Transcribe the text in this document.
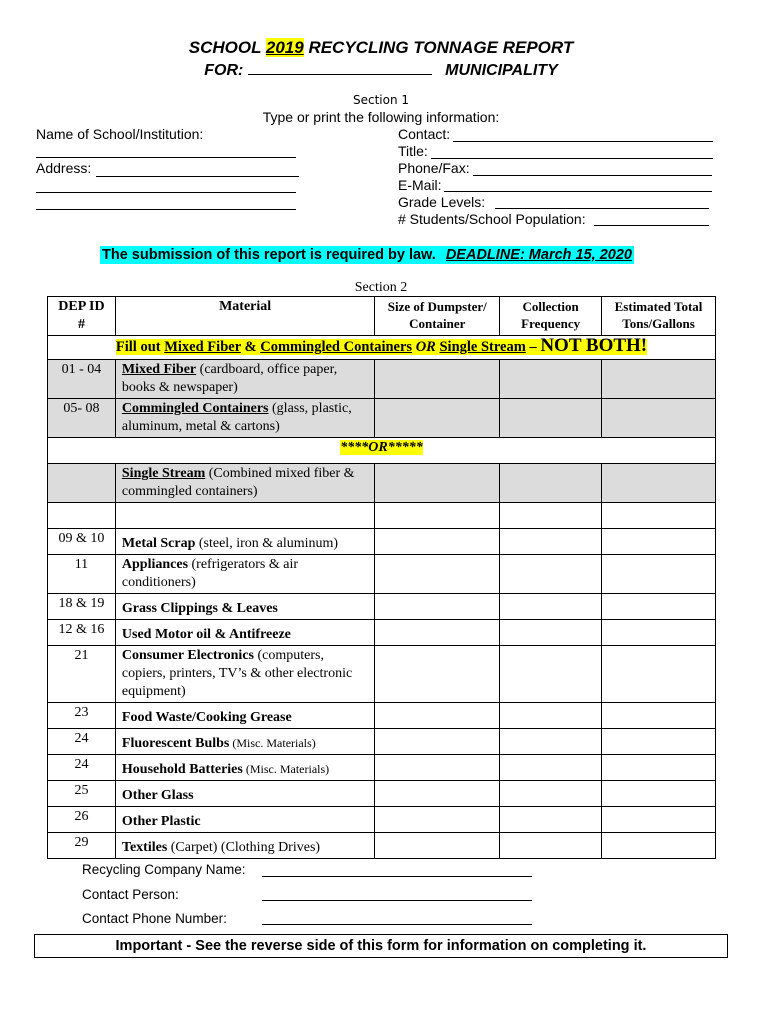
SCHOOL 2019 RECYCLING TONNAGE REPORT
FOR:	MUNICIPALITY
Section 1
Type or print the following information:
Name of School/Institution:
Address:
Contact:
Title:
Phone/Fax:
E-Mail:
Grade Levels:
# Students/School Population:
The submission of this report is required by law. DEADLINE: March 15, 2020
Section 2
DEP ID #	Material	Size of Dumpster/ Container	Collection Frequency	Estimated Total Tons/Gallons
Fill out Mixed Fiber & Commingled Containers OR Single Stream – NOT BOTH!				
01 - 04	Mixed Fiber (cardboard, office paper, books & newspaper)			
05- 08	Commingled Containers (glass, plastic, aluminum, metal & cartons)			
****OR*****				
	Single Stream (Combined mixed fiber & commingled containers)			

09 & 10	Metal Scrap (steel, iron & aluminum)			
11	Appliances (refrigerators & air conditioners)			
18 & 19	Grass Clippings & Leaves			
12 & 16	Used Motor oil & Antifreeze			
21	Consumer Electronics (computers, copiers, printers, TV’s & other electronic equipment)			
23	Food Waste/Cooking Grease			
24	Fluorescent Bulbs (Misc. Materials)			
24	Household Batteries (Misc. Materials)			
25	Other Glass			
26	Other Plastic			
29	Textiles (Carpet) (Clothing Drives)			
Recycling Company Name:
Contact Person:
Contact Phone Number:
Important - See the reverse side of this form for information on completing it.
